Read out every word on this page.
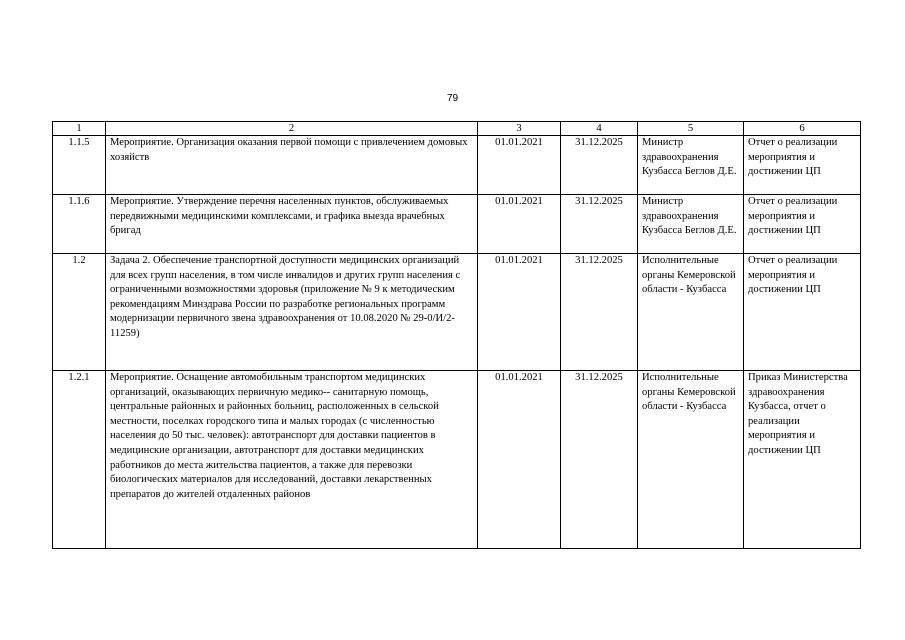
79
1	2	3	4	5	6
1.1.5	Мероприятие. Организация оказания первой помощи с привлечением домовых хозяйств	01.01.2021	31.12.2025	Министр здравоохранения Кузбасса Беглов Д.Е.	Отчет о реализации мероприятия и достижении ЦП
1.1.6	Мероприятие. Утверждение перечня населенных пунктов, обслуживаемых передвижными медицинскими комплексами, и графика выезда врачебных бригад	01.01.2021	31.12.2025	Министр здравоохранения Кузбасса Беглов Д.Е.	Отчет о реализации мероприятия и достижении ЦП
1.2	Задача 2. Обеспечение транспортной доступности медицинских организаций для всех групп населения, в том числе инвалидов и других групп населения с ограниченными возможностями здоровья (приложение № 9 к методическим рекомендациям Минздрава России по разработке региональных программ модернизации первичного звена здравоохранения от 10.08.2020 № 29-0/И/2-11259)	01.01.2021	31.12.2025	Исполнительные органы Кемеровской области - Кузбасса	Отчет о реализации мероприятия и достижении ЦП
1.2.1	Мероприятие. Оснащение автомобильным транспортом медицинских организаций, оказывающих первичную медико-- санитарную помощь, центральные районных и районных больниц, расположенных в сельской местности, поселках городского типа и малых городах (с численностью населения до 50 тыс. человек): автотранспорт для доставки пациентов в медицинские организации, автотранспорт для доставки медицинских работников до места жительства пациентов, а также для перевозки биологических материалов для исследований, доставки лекарственных препаратов до жителей отдаленных районов	01.01.2021	31.12.2025	Исполнительные органы Кемеровской области - Кузбасса	Приказ Министерства здравоохранения Кузбасса, отчет о реализации мероприятия и достижении ЦП
